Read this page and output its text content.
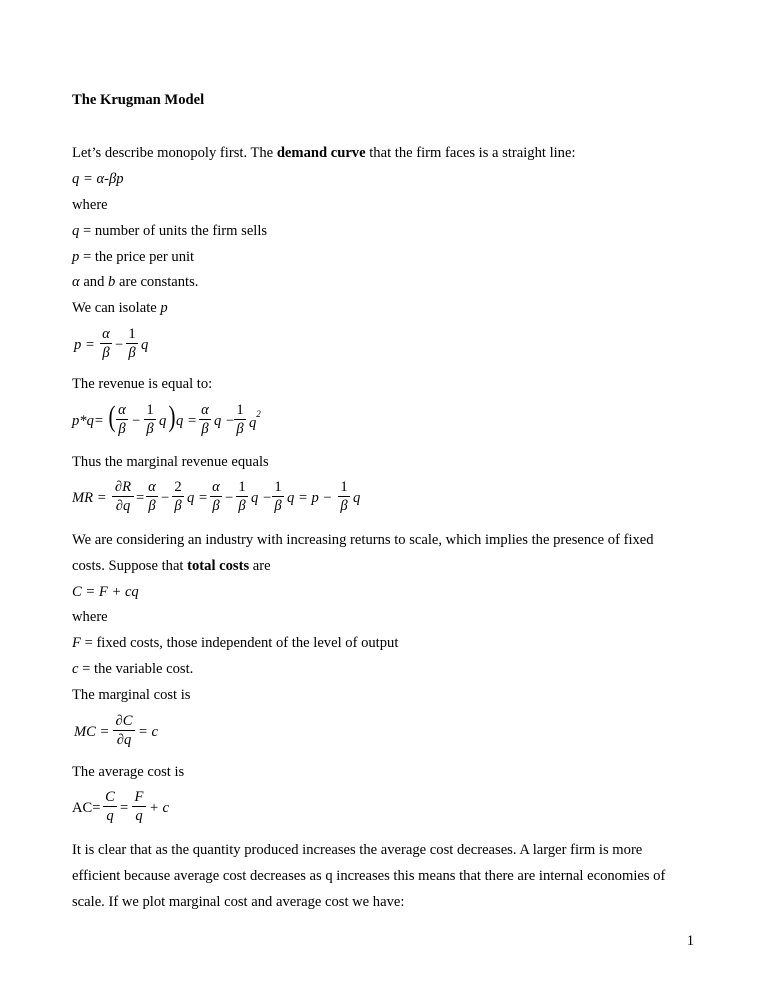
The Krugman Model
Let’s describe monopoly first. The demand curve that the firm faces is a straight line:
q = α-βp
where
q = number of units the firm sells
p = the price per unit
α and b are constants.
We can isolate p
p =
α
β −
1
β q
The revenue is equal to:
p*q= ( α
β −
1
β q ) q =
α
β q −
1
β $q^2$
Thus the marginal revenue equals
MR =
∂R
∂q =
α
β −
2
β q =
α
β −
1
β q −
1
β q = p −
1
β q
We are considering an industry with increasing returns to scale, which implies the presence of fixed
costs. Suppose that total costs are
C = F + cq
where
F = fixed costs, those independent of the level of output
c = the variable cost.
The marginal cost is
MC =
∂C
∂q = c
The average cost is
AC=
C
q =
F
q + c
It is clear that as the quantity produced increases the average cost decreases. A larger firm is more
efficient because average cost decreases as q increases this means that there are internal economies of
scale. If we plot marginal cost and average cost we have:
1
